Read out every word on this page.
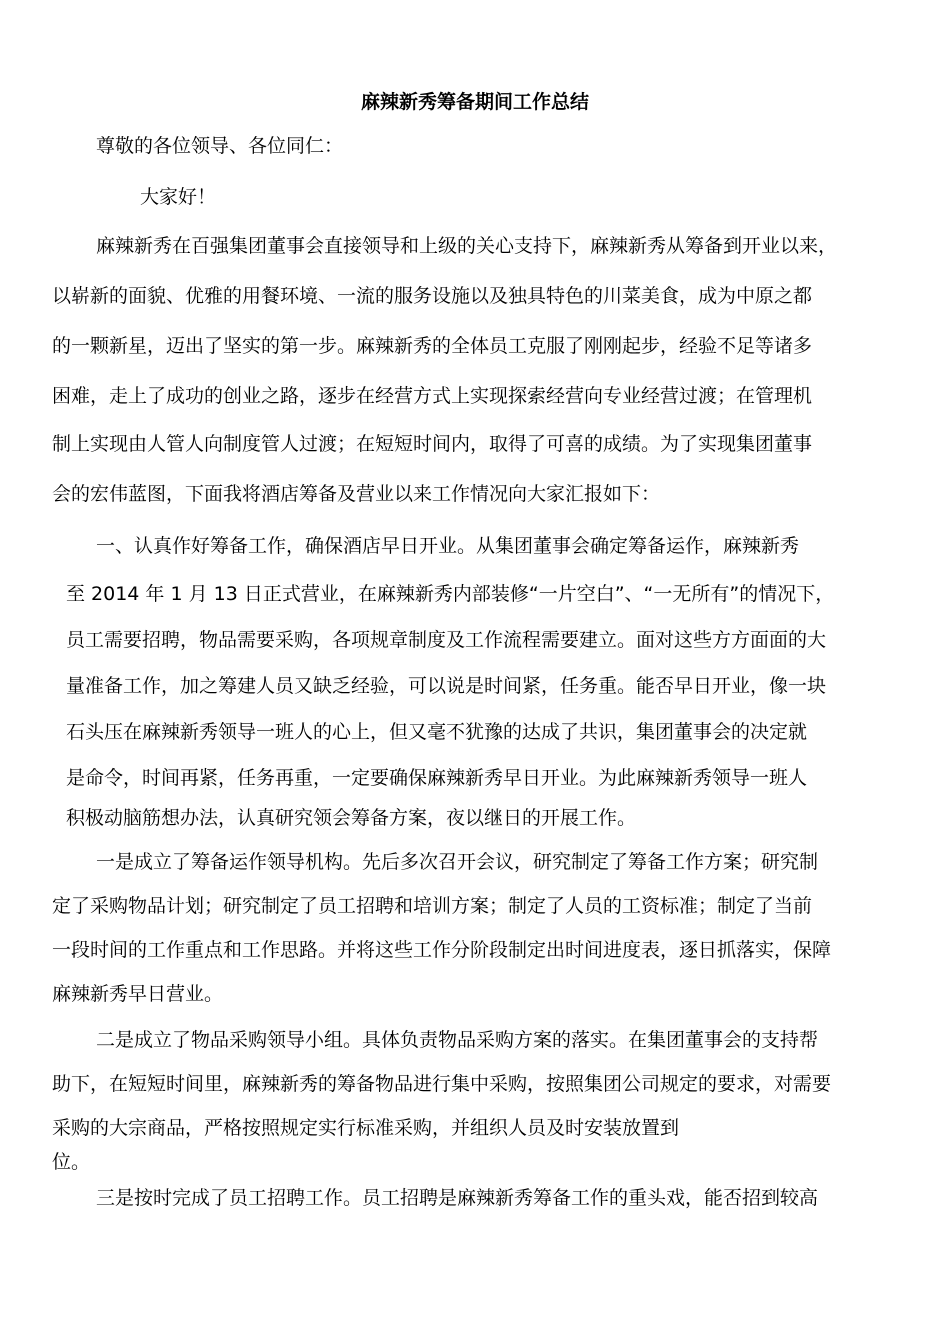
麻辣新秀筹备期间工作总结

尊敬的各位领导、各位同仁：

大家好！

麻辣新秀在百强集团董事会直接领导和上级的关心支持下，麻辣新秀从筹备到开业以来，

以崭新的面貌、优雅的用餐环境、一流的服务设施以及独具特色的川菜美食，成为中原之都

的一颗新星，迈出了坚实的第一步。麻辣新秀的全体员工克服了刚刚起步，经验不足等诸多

困难，走上了成功的创业之路，逐步在经营方式上实现探索经营向专业经营过渡；在管理机

制上实现由人管人向制度管人过渡；在短短时间内，取得了可喜的成绩。为了实现集团董事

会的宏伟蓝图，下面我将酒店筹备及营业以来工作情况向大家汇报如下：

一、认真作好筹备工作，确保酒店早日开业。从集团董事会确定筹备运作，麻辣新秀

至 2014 年 1 月 13 日正式营业，在麻辣新秀内部装修“一片空白”、“一无所有”的情况下，

员工需要招聘，物品需要采购，各项规章制度及工作流程需要建立。面对这些方方面面的大

量准备工作，加之筹建人员又缺乏经验，可以说是时间紧，任务重。能否早日开业，像一块

石头压在麻辣新秀领导一班人的心上，但又毫不犹豫的达成了共识，集团董事会的决定就

是命令，时间再紧，任务再重，一定要确保麻辣新秀早日开业。为此麻辣新秀领导一班人

积极动脑筋想办法，认真研究领会筹备方案，夜以继日的开展工作。

一是成立了筹备运作领导机构。先后多次召开会议，研究制定了筹备工作方案；研究制

定了采购物品计划；研究制定了员工招聘和培训方案；制定了人员的工资标准；制定了当前

一段时间的工作重点和工作思路。并将这些工作分阶段制定出时间进度表，逐日抓落实，保障

麻辣新秀早日营业。

二是成立了物品采购领导小组。具体负责物品采购方案的落实。在集团董事会的支持帮

助下，在短短时间里，麻辣新秀的筹备物品进行集中采购，按照集团公司规定的要求，对需要

采购的大宗商品，严格按照规定实行标准采购，并组织人员及时安装放置到

位。

三是按时完成了员工招聘工作。员工招聘是麻辣新秀筹备工作的重头戏，能否招到较高
